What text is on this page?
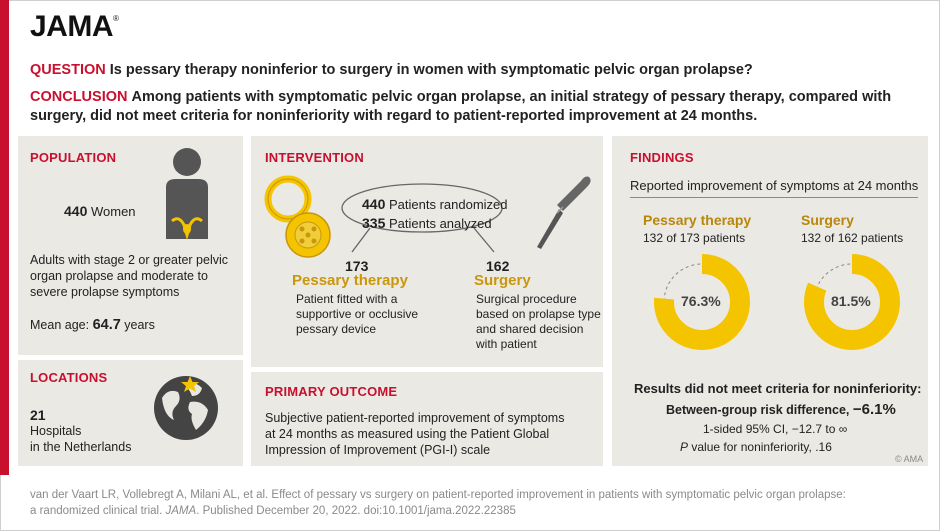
JAMA®
QUESTION Is pessary therapy noninferior to surgery in women with symptomatic pelvic organ prolapse?
CONCLUSION Among patients with symptomatic pelvic organ prolapse, an initial strategy of pessary therapy, compared with surgery, did not meet criteria for noninferiority with regard to patient-reported improvement at 24 months.
POPULATION
440 Women
Adults with stage 2 or greater pelvic organ prolapse and moderate to severe prolapse symptoms
Mean age: 64.7 years
LOCATIONS
21
Hospitals
in the Netherlands
INTERVENTION
440 Patients randomized
335 Patients analyzed
173
Pessary therapy
Patient fitted with a
supportive or occlusive
pessary device
162
Surgery
Surgical procedure
based on prolapse type
and shared decision
with patient
PRIMARY OUTCOME
Subjective patient-reported improvement of symptoms
at 24 months as measured using the Patient Global
Impression of Improvement (PGI-I) scale
FINDINGS
Reported improvement of symptoms at 24 months
Pessary therapy
132 of 173 patients
Surgery
132 of 162 patients
76.3%	81.5%
Results did not meet criteria for noninferiority:
Between-group risk difference, −6.1%
1-sided 95% CI, −12.7 to ∞
P value for noninferiority, .16
© AMA
van der Vaart LR, Vollebregt A, Milani AL, et al. Effect of pessary vs surgery on patient-reported improvement in patients with symptomatic pelvic organ prolapse:
a randomized clinical trial. JAMA. Published December 20, 2022. doi:10.1001/jama.2022.22385
